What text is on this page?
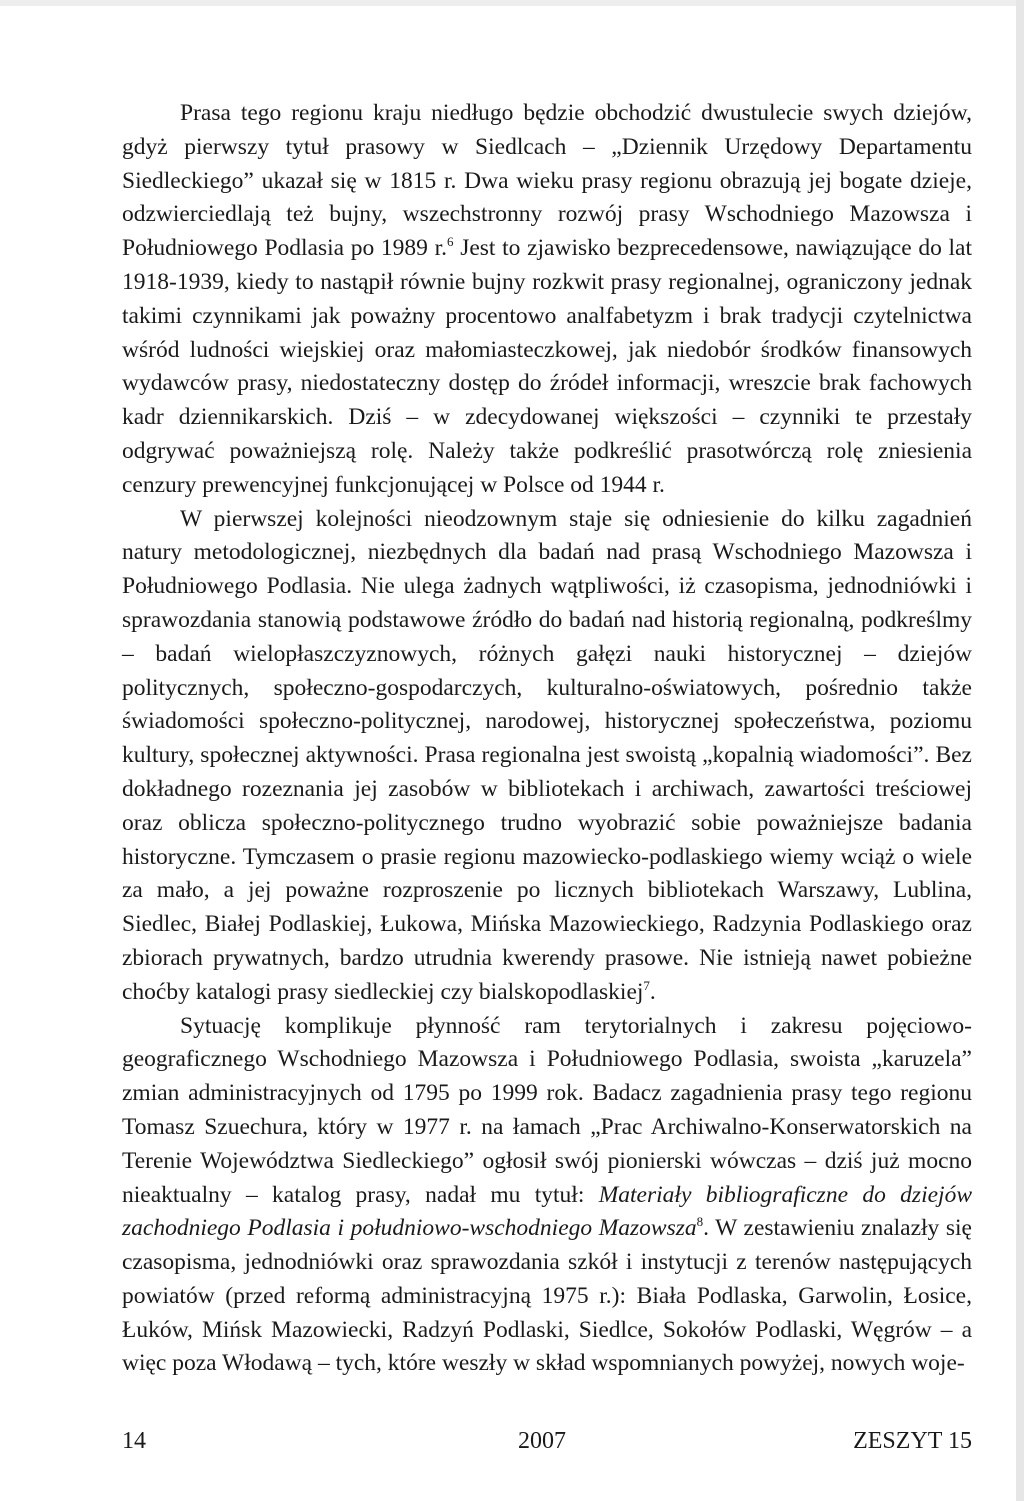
Prasa tego regionu kraju niedługo będzie obchodzić dwustulecie swych dziejów, gdyż pierwszy tytuł prasowy w Siedlcach – „Dziennik Urzędowy Departamentu Siedleckiego” ukazał się w 1815 r. Dwa wieku prasy regionu obrazują jej bogate dzieje, odzwierciedlają też bujny, wszechstronny rozwój prasy Wschodniego Mazowsza i Południowego Podlasia po 1989 r.$^6$ Jest to zjawisko bezprecedensowe, nawiązujące do lat 1918-1939, kiedy to nastąpił równie bujny rozkwit prasy regionalnej, ograniczony jednak takimi czynnikami jak poważny procentowo analfabetyzm i brak tradycji czytelnictwa wśród ludności wiejskiej oraz małomiasteczkowej, jak niedobór środków finansowych wydawców prasy, niedostateczny dostęp do źródeł informacji, wreszcie brak fachowych kadr dziennikarskich. Dziś – w zdecydowanej większości – czynniki te przestały odgrywać poważniejszą rolę. Należy także podkreślić prasotwórczą rolę zniesienia cenzury prewencyjnej funkcjonującej w Polsce od 1944 r.

W pierwszej kolejności nieodzownym staje się odniesienie do kilku zagadnień natury metodologicznej, niezbędnych dla badań nad prasą Wschodniego Mazowsza i Południowego Podlasia. Nie ulega żadnych wątpliwości, iż czasopisma, jednodniówki i sprawozdania stanowią podstawowe źródło do badań nad historią regionalną, podkreślmy – badań wielopłaszczyznowych, różnych gałęzi nauki historycznej – dziejów politycznych, społeczno-gospodarczych, kulturalno-oświatowych, pośrednio także świadomości społeczno-politycznej, narodowej, historycznej społeczeństwa, poziomu kultury, społecznej aktywności. Prasa regionalna jest swoistą „kopalnią wiadomości”. Bez dokładnego rozeznania jej zasobów w bibliotekach i archiwach, zawartości treściowej oraz oblicza społeczno-politycznego trudno wyobrazić sobie poważniejsze badania historyczne. Tymczasem o prasie regionu mazowiecko-podlaskiego wiemy wciąż o wiele za mało, a jej poważne rozproszenie po licznych bibliotekach Warszawy, Lublina, Siedlec, Białej Podlaskiej, Łukowa, Mińska Mazowieckiego, Radzynia Podlaskiego oraz zbiorach prywatnych, bardzo utrudnia kwerendy prasowe. Nie istnieją nawet pobieżne choćby katalogi prasy siedleckiej czy bialskopodlaskiej$^7$.

Sytuację komplikuje płynność ram terytorialnych i zakresu pojęciowo-geograficznego Wschodniego Mazowsza i Południowego Podlasia, swoista „karuzela” zmian administracyjnych od 1795 po 1999 rok. Badacz zagadnienia prasy tego regionu Tomasz Szuechura, który w 1977 r. na łamach „Prac Archiwalno-Konserwatorskich na Terenie Województwa Siedleckiego” ogłosił swój pionierski wówczas – dziś już mocno nieaktualny – katalog prasy, nadał mu tytuł: Materiały bibliograficzne do dziejów zachodniego Podlasia i południowo-wschodniego Mazowsza$^8$. W zestawieniu znalazły się czasopisma, jednodniówki oraz sprawozdania szkół i instytucji z terenów następujących powiatów (przed reformą administracyjną 1975 r.): Biała Podlaska, Garwolin, Łosice, Łuków, Mińsk Mazowiecki, Radzyń Podlaski, Siedlce, Sokołów Podlaski, Węgrów – a więc poza Włodawą – tych, które weszły w skład wspomnianych powyżej, nowych woje-

14	2007	ZESZYT 15
